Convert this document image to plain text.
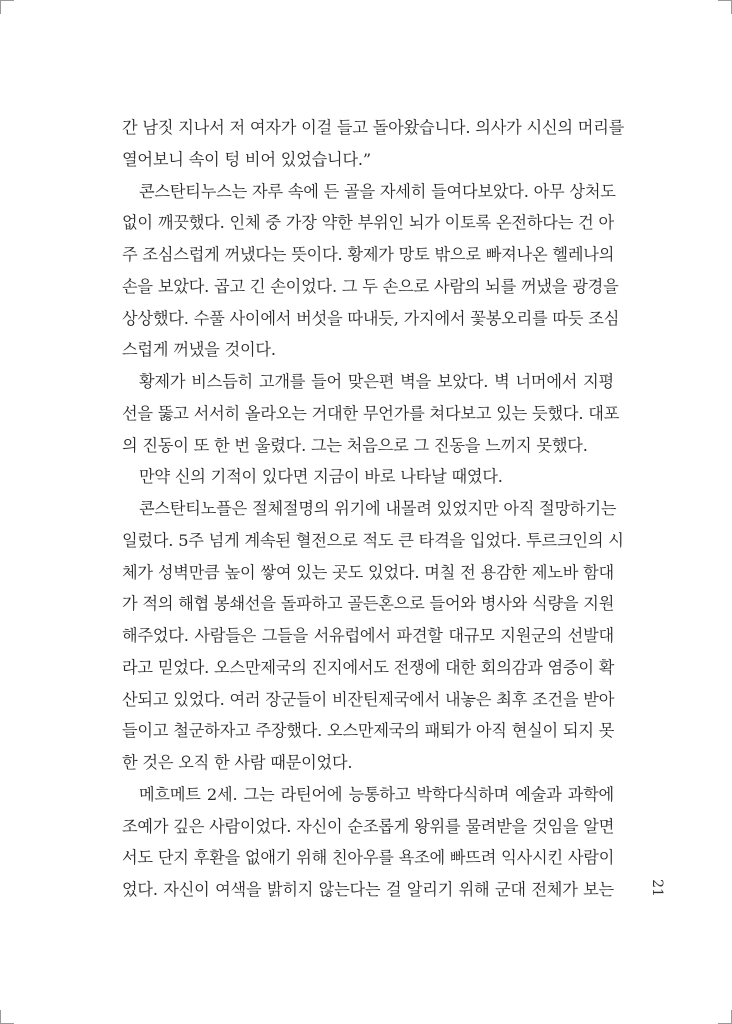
간 남짓 지나서 저 여자가 이걸 들고 돌아왔습니다. 의사가 시신의 머리를
열어보니 속이 텅 비어 있었습니다.”
콘스탄티누스는 자루 속에 든 골을 자세히 들여다보았다. 아무 상처도
없이 깨끗했다. 인체 중 가장 약한 부위인 뇌가 이토록 온전하다는 건 아
주 조심스럽게 꺼냈다는 뜻이다. 황제가 망토 밖으로 빠져나온 헬레나의
손을 보았다. 곱고 긴 손이었다. 그 두 손으로 사람의 뇌를 꺼냈을 광경을
상상했다. 수풀 사이에서 버섯을 따내듯, 가지에서 꽃봉오리를 따듯 조심
스럽게 꺼냈을 것이다.
황제가 비스듬히 고개를 들어 맞은편 벽을 보았다. 벽 너머에서 지평
선을 뚫고 서서히 올라오는 거대한 무언가를 쳐다보고 있는 듯했다. 대포
의 진동이 또 한 번 울렸다. 그는 처음으로 그 진동을 느끼지 못했다.
만약 신의 기적이 있다면 지금이 바로 나타날 때였다.
콘스탄티노플은 절체절명의 위기에 내몰려 있었지만 아직 절망하기는
일렀다. 5주 넘게 계속된 혈전으로 적도 큰 타격을 입었다. 투르크인의 시
체가 성벽만큼 높이 쌓여 있는 곳도 있었다. 며칠 전 용감한 제노바 함대
가 적의 해협 봉쇄선을 돌파하고 골든혼으로 들어와 병사와 식량을 지원
해주었다. 사람들은 그들을 서유럽에서 파견할 대규모 지원군의 선발대
라고 믿었다. 오스만제국의 진지에서도 전쟁에 대한 회의감과 염증이 확
산되고 있었다. 여러 장군들이 비잔틴제국에서 내놓은 최후 조건을 받아
들이고 철군하자고 주장했다. 오스만제국의 패퇴가 아직 현실이 되지 못
한 것은 오직 한 사람 때문이었다.
메흐메트 2세. 그는 라틴어에 능통하고 박학다식하며 예술과 과학에
조예가 깊은 사람이었다. 자신이 순조롭게 왕위를 물려받을 것임을 알면
서도 단지 후환을 없애기 위해 친아우를 욕조에 빠뜨려 익사시킨 사람이
었다. 자신이 여색을 밝히지 않는다는 걸 알리기 위해 군대 전체가 보는 21
